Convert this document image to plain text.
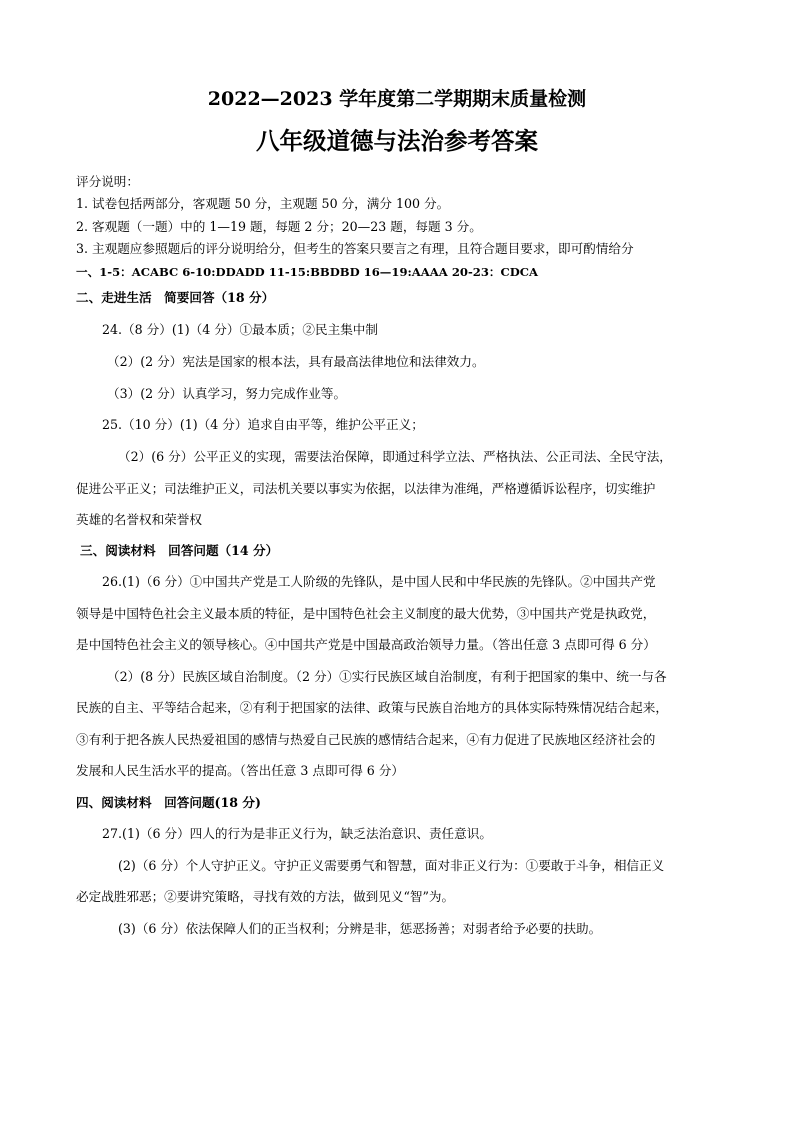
2022—2023 学年度第二学期期末质量检测
八年级道德与法治参考答案
评分说明：
1. 试卷包括两部分，客观题 50 分，主观题 50 分，满分 100 分。
2. 客观题（一题）中的 1—19 题，每题 2 分；20—23 题，每题 3 分。
3. 主观题应参照题后的评分说明给分，但考生的答案只要言之有理，且符合题目要求，即可酌情给分
一、1-5：ACABC 6-10:DDADD 11-15:BBDBD 16—19:AAAA 20-23：CDCA
二、走进生活　简要回答（18 分）
24.（8 分）(1)（4 分）①最本质；②民主集中制
（2）(2 分）宪法是国家的根本法，具有最高法律地位和法律效力。
（3）(2 分）认真学习，努力完成作业等。
25.（10 分）(1)（4 分）追求自由平等，维护公平正义；
（2）(6 分）公平正义的实现，需要法治保障，即通过科学立法、严格执法、公正司法、全民守法，
促进公平正义；司法维护正义，司法机关要以事实为依据，以法律为准绳，严格遵循诉讼程序，切实维护
英雄的名誉权和荣誉权
三、阅读材料　回答问题（14 分）
26.(1)（6 分）①中国共产党是工人阶级的先锋队，是中国人民和中华民族的先锋队。②中国共产党
领导是中国特色社会主义最本质的特征，是中国特色社会主义制度的最大优势，③中国共产党是执政党，
是中国特色社会主义的领导核心。④中国共产党是中国最高政治领导力量。（答出任意 3 点即可得 6 分）
（2）(8 分）民族区域自治制度。（2 分）①实行民族区域自治制度，有利于把国家的集中、统一与各
民族的自主、平等结合起来，②有利于把国家的法律、政策与民族自治地方的具体实际特殊情况结合起来，
③有利于把各族人民热爱祖国的感情与热爱自己民族的感情结合起来，④有力促进了民族地区经济社会的
发展和人民生活水平的提高。（答出任意 3 点即可得 6 分）
四、阅读材料　回答问题(18 分)
27.(1)（6 分）四人的行为是非正义行为，缺乏法治意识、责任意识。
(2)（6 分）个人守护正义。守护正义需要勇气和智慧，面对非正义行为：①要敢于斗争，相信正义
必定战胜邪恶；②要讲究策略，寻找有效的方法，做到见义“智”为。
(3)（6 分）依法保障人们的正当权利；分辨是非，惩恶扬善；对弱者给予必要的扶助。
